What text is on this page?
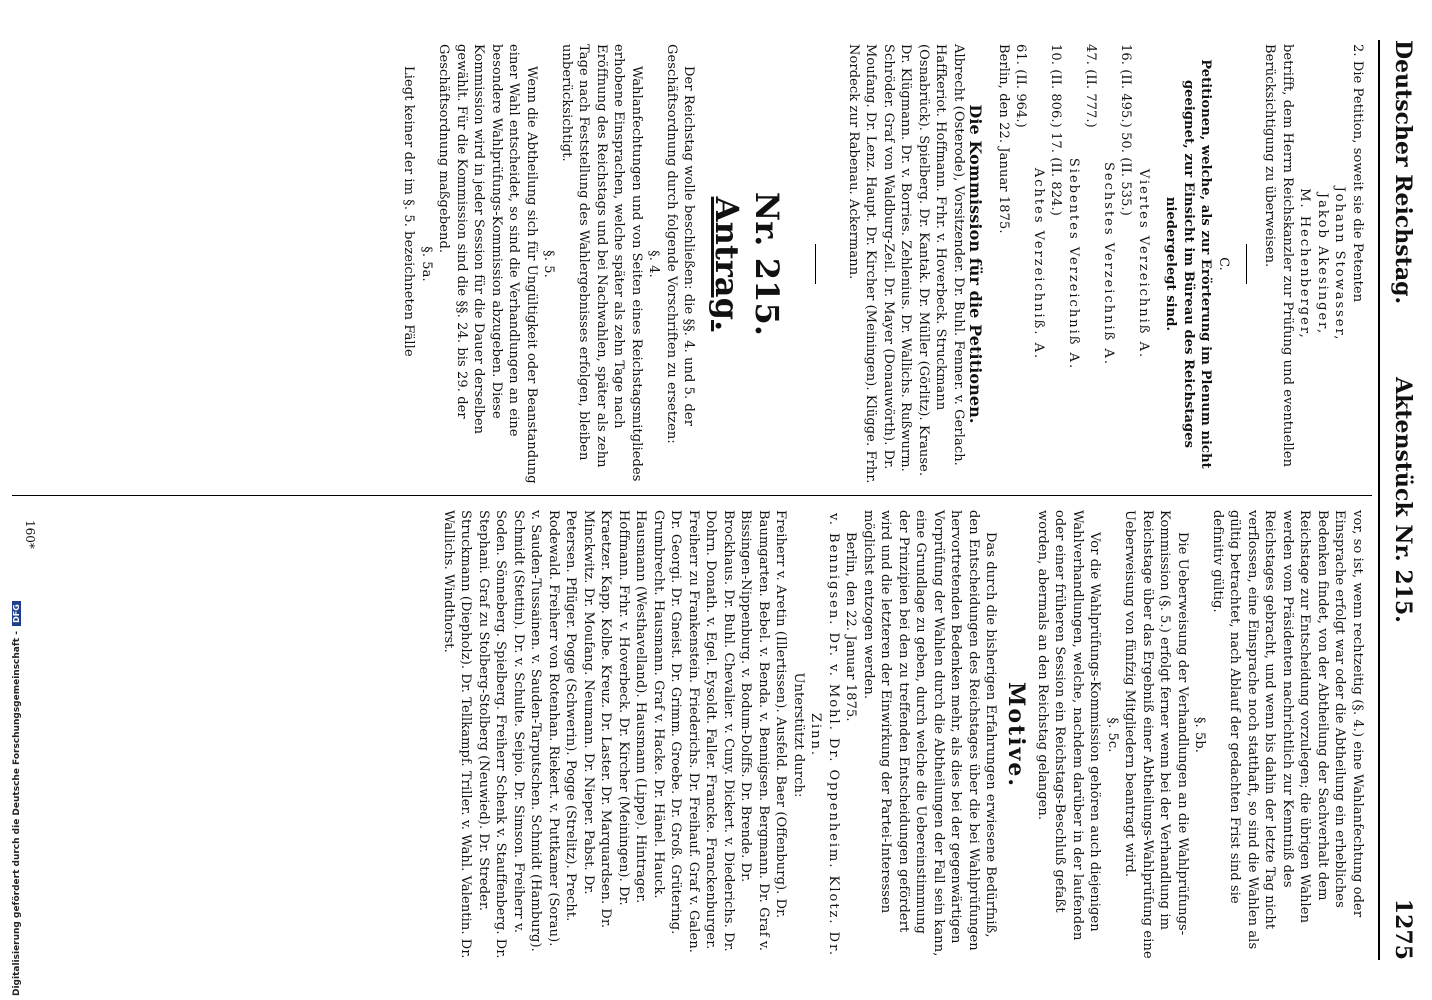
Deutscher Reichstag.
Aktenstück Nr. 215.
1275

2. Die Petition, soweit sie die Petenten

Johann Stowasser,

Jakob Akesinger,

M. Hechenberger,

betrifft, dem Herrn Reichskanzler zur Prüfung und eventuellen Berücksichtigung zu überweisen.

C.

Petitionen, welche, als zur Erörterung im Plenum nicht geeignet, zur Einsicht im Büreau des Reichstages niedergelegt sind.

Viertes Verzeichniß A.

16. (II. 495.) 50. (II. 535.)

Sechstes Verzeichniß A.

47. (II. 777.)

Siebentes Verzeichniß A.

10. (II. 806.) 17. (II. 824.)

Achtes Verzeichniß. A.

61. (II. 964.)

Berlin, den 22. Januar 1875.

Die Kommission für die Petitionen.

Albrecht (Osterode), Vorsitzender. Dr. Buhl. Fenner. v. Gerlach. Haffkeriot. Hoffmann. Frhr. v. Hoverbeck. Struckmann (Osnabrück). Spielberg. Dr. Kantak. Dr. Müller (Görlitz). Krause. Dr. Klügmann. Dr. v. Borries. Zehlenius. Dr. Wallichs. Rußwurm. Schröder. Graf von Waldburg-Zeil. Dr. Mayer (Donauwörth). Dr. Moufang. Dr. Lenz. Haupt. Dr. Kircher (Meiningen). Klügge. Frhr. Nordeck zur Rabenau. Ackermann.

Nr. 215.

Antrag.

Der Reichstag wolle beschließen: die §§. 4. und 5. der Geschäftsordnung durch folgende Vorschriften zu ersetzen:

§. 4.

Wahlanfechtungen und von Seiten eines Reichstagsmitgliedes erhobene Einsprachen, welche später als zehn Tage nach Eröffnung des Reichstags und bei Nachwahlen, später als zehn Tage nach Feststellung des Wahlergebnisses erfolgen, bleiben unberücksichtigt.

§. 5.

Wenn die Abtheilung sich für Ungültigkeit oder Beanstandung einer Wahl entscheidet, so sind die Verhandlungen an eine besondere Wahlprüfungs-Kommission abzugeben. Diese Kommission wird in jeder Session für die Dauer derselben gewählt. Für die Kommission sind die §§. 24. bis 29. der Geschäftsordnung maßgebend.

§. 5a.

Liegt keiner der im §. 5. bezeichneten Fälle

vor, so ist, wenn rechtzeitig (§. 4.) eine Wahlanfechtung oder Einsprache erfolgt war oder die Abtheilung ein erhebliches Bedenken findet, von der Abtheilung der Sachverhalt dem Reichstage zur Entscheidung vorzulegen; die übrigen Wahlen werden vom Präsidenten nachrichtlich zur Kenntniß des Reichstages gebracht, und wenn bis dahin der letzte Tag nicht verflossen, eine Einsprache noch statthaft, so sind die Wahlen als gültig betrachtet, nach Ablauf der gedachten Frist sind sie definitiv gültig.

§. 5b.

Die Ueberweisung der Verhandlungen an die Wahlprüfungs-Kommission (§. 5.) erfolgt ferner wenn bei der Verhandlung im Reichstage über das Ergebniß einer Abtheilungs-Wahlprüfung eine Ueberweisung von fünfzig Mitgliedern beantragt wird.

§. 5c.

Vor die Wahlprüfungs-Kommission gehören auch diejenigen Wahlverhandlungen, welche, nachdem darüber in der laufenden oder einer früheren Session ein Reichstags-Beschluß gefaßt worden, abermals an den Reichstag gelangen.

Motive.

Das durch die bisherigen Erfahrungen erwiesene Bedürfniß, den Entscheidungen des Reichstages über die bei Wahlprüfungen hervortretenden Bedenken mehr, als dies bei der gegenwärtigen Vorprüfung der Wahlen durch die Abtheilungen der Fall sein kann, eine Grundlage zu geben, durch welche die Uebereinstimmung der Prinzipien bei den zu treffenden Entscheidungen gefördert wird und die letzteren der Einwirkung der Partei-Interessen möglichst entzogen werden.

Berlin, den 22. Januar 1875.

v. Bennigsen. Dr. v. Mohl. Dr. Oppenheim. Klotz. Dr. Zinn.

Unterstützt durch:

Freiherr v. Aretin (Illertissen). Ausfeld. Baer (Offenburg). Dr. Baumgarten. Bebel. v. Benda. v. Bennigsen. Bergmann. Dr. Graf v. Bissingen-Nippenburg. v. Bodum-Dolffs. Dr. Brende. Dr. Brockhaus. Dr. Buhl. Chevalier. v. Cuny. Dickert. v. Diederichs. Dr. Dohrn. Donath. v. Egel. Eysoldt. Faller. Francke. Franckenburger. Freiherr zu Frankenstein. Friederichs. Dr. Freihauf. Graf v. Galen. Dr. Georgi. Dr. Gneist. Dr. Grimm. Groebe. Dr. Groß. Grütering. Grumbrecht. Hausmann. Graf v. Hacke. Dr. Hänel. Hauck. Hausmann (Westhavelland). Hausmann (Lippe). Hintrager. Hoffmann. Frhr. v. Hoverbeck. Dr. Kircher (Meiningen). Dr. Kraetzer. Kapp. Kolbe. Kreuz. Dr. Laster. Dr. Marquardsen. Dr. Minckwitz. Dr. Moufang. Neumann. Dr. Nieper. Pabst. Dr. Petersen. Pflüger. Pogge (Schwerin). Pogge (Strelitz). Precht. Rodewald. Freiherr von Rotenhan. Riekert. v. Puttkamer (Sorau). v. Sauden-Tussainen. v. Sauden-Tarputschen. Schmidt (Hamburg). Schmidt (Stettin). Dr. v. Schulte. Seipio. Dr. Simson. Freiherr v. Soden. Sönneberg. Spielberg. Freiherr Schenk v. Stauffenberg. Dr. Stephani. Graf zu Stolberg-Stolberg (Neuwied). Dr. Streder. Struckmann (Diepholz). Dr. Tellkampf. Triller. v. Wahl. Valentin. Dr. Wallichs. Windthorst.

160*
Digitalisierung gefördert durch die Deutsche Forschungsgemeinschaft - DFG
